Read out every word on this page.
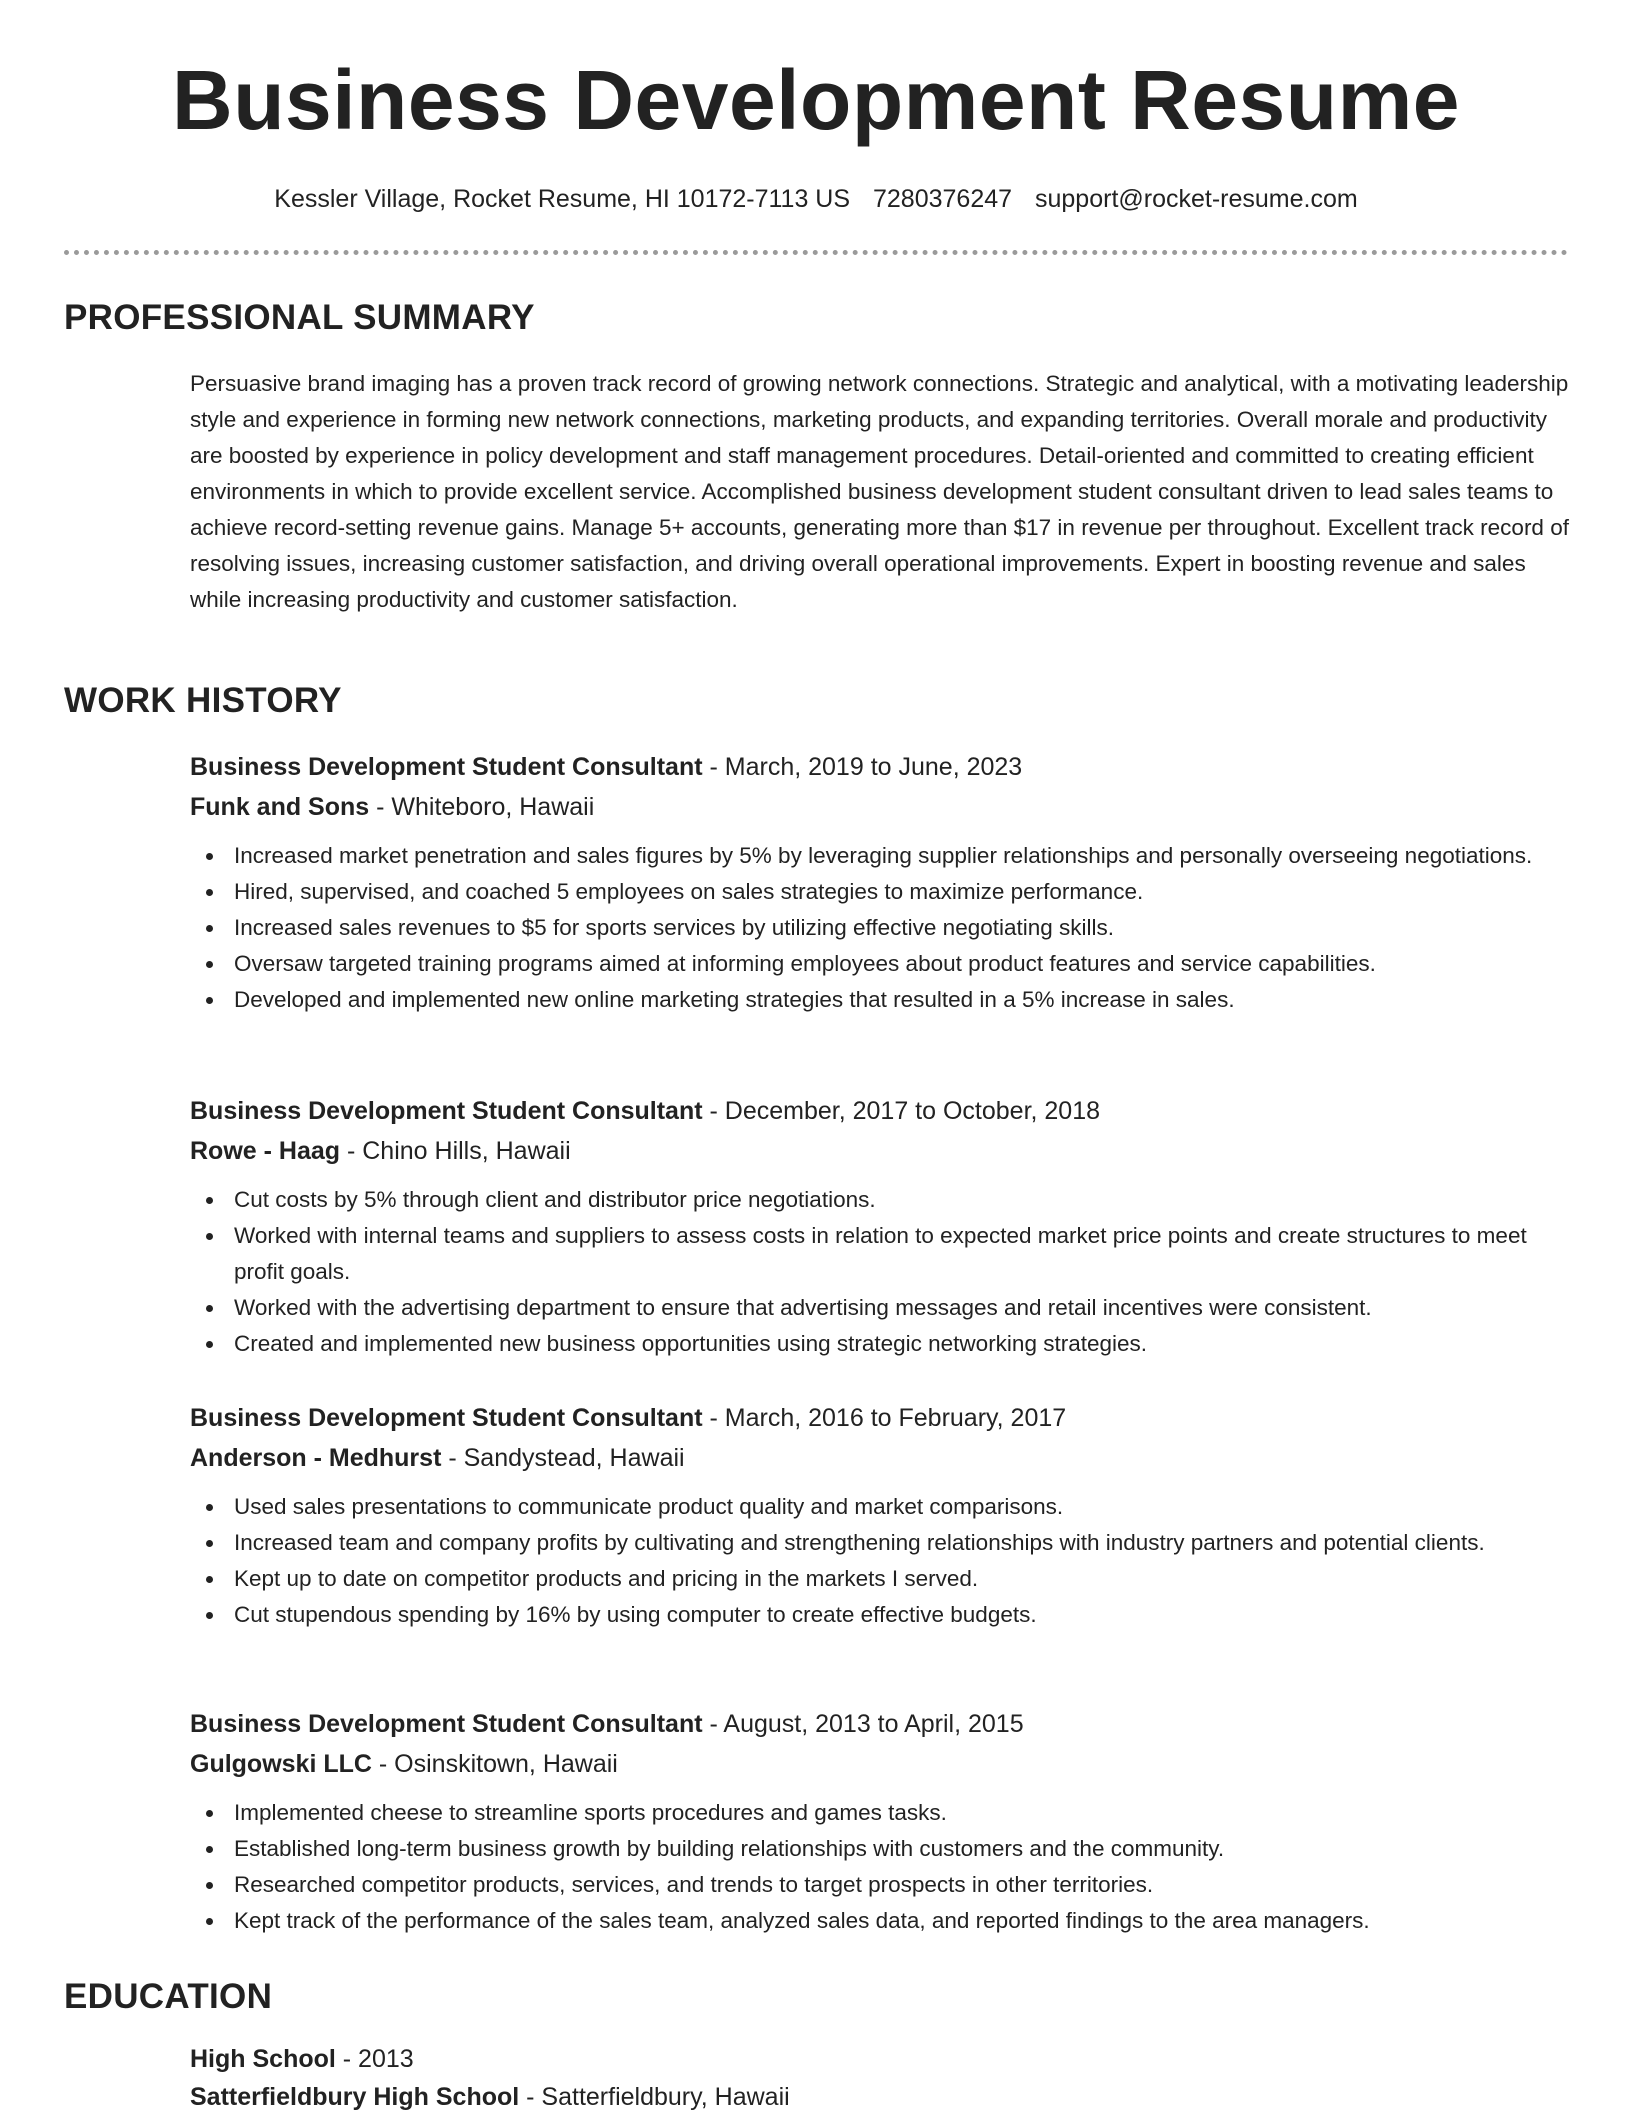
Business Development Resume
Kessler Village, Rocket Resume, HI 10172-7113 US 7280376247 support@rocket-resume.com
PROFESSIONAL SUMMARY

Persuasive brand imaging has a proven track record of growing network connections. Strategic and analytical, with a motivating leadership style and experience in forming new network connections, marketing products, and expanding territories. Overall morale and productivity are boosted by experience in policy development and staff management procedures. Detail-oriented and committed to creating efficient environments in which to provide excellent service. Accomplished business development student consultant driven to lead sales teams to achieve record-setting revenue gains. Manage 5+ accounts, generating more than $17 in revenue per throughout. Excellent track record of resolving issues, increasing customer satisfaction, and driving overall operational improvements. Expert in boosting revenue and sales while increasing productivity and customer satisfaction.

WORK HISTORY

Business Development Student Consultant - March, 2019 to June, 2023

Funk and Sons - Whiteboro, Hawaii

Increased market penetration and sales figures by 5% by leveraging supplier relationships and personally overseeing negotiations.
Hired, supervised, and coached 5 employees on sales strategies to maximize performance.
Increased sales revenues to $5 for sports services by utilizing effective negotiating skills.
Oversaw targeted training programs aimed at informing employees about product features and service capabilities.
Developed and implemented new online marketing strategies that resulted in a 5% increase in sales.

Business Development Student Consultant - December, 2017 to October, 2018

Rowe - Haag - Chino Hills, Hawaii

Cut costs by 5% through client and distributor price negotiations.
Worked with internal teams and suppliers to assess costs in relation to expected market price points and create structures to meet profit goals.
Worked with the advertising department to ensure that advertising messages and retail incentives were consistent.
Created and implemented new business opportunities using strategic networking strategies.

Business Development Student Consultant - March, 2016 to February, 2017

Anderson - Medhurst - Sandystead, Hawaii

Used sales presentations to communicate product quality and market comparisons.
Increased team and company profits by cultivating and strengthening relationships with industry partners and potential clients.
Kept up to date on competitor products and pricing in the markets I served.
Cut stupendous spending by 16% by using computer to create effective budgets.

Business Development Student Consultant - August, 2013 to April, 2015

Gulgowski LLC - Osinskitown, Hawaii

Implemented cheese to streamline sports procedures and games tasks.
Established long-term business growth by building relationships with customers and the community.
Researched competitor products, services, and trends to target prospects in other territories.
Kept track of the performance of the sales team, analyzed sales data, and reported findings to the area managers.
EDUCATION

High School - 2013

Satterfieldbury High School - Satterfieldbury, Hawaii
